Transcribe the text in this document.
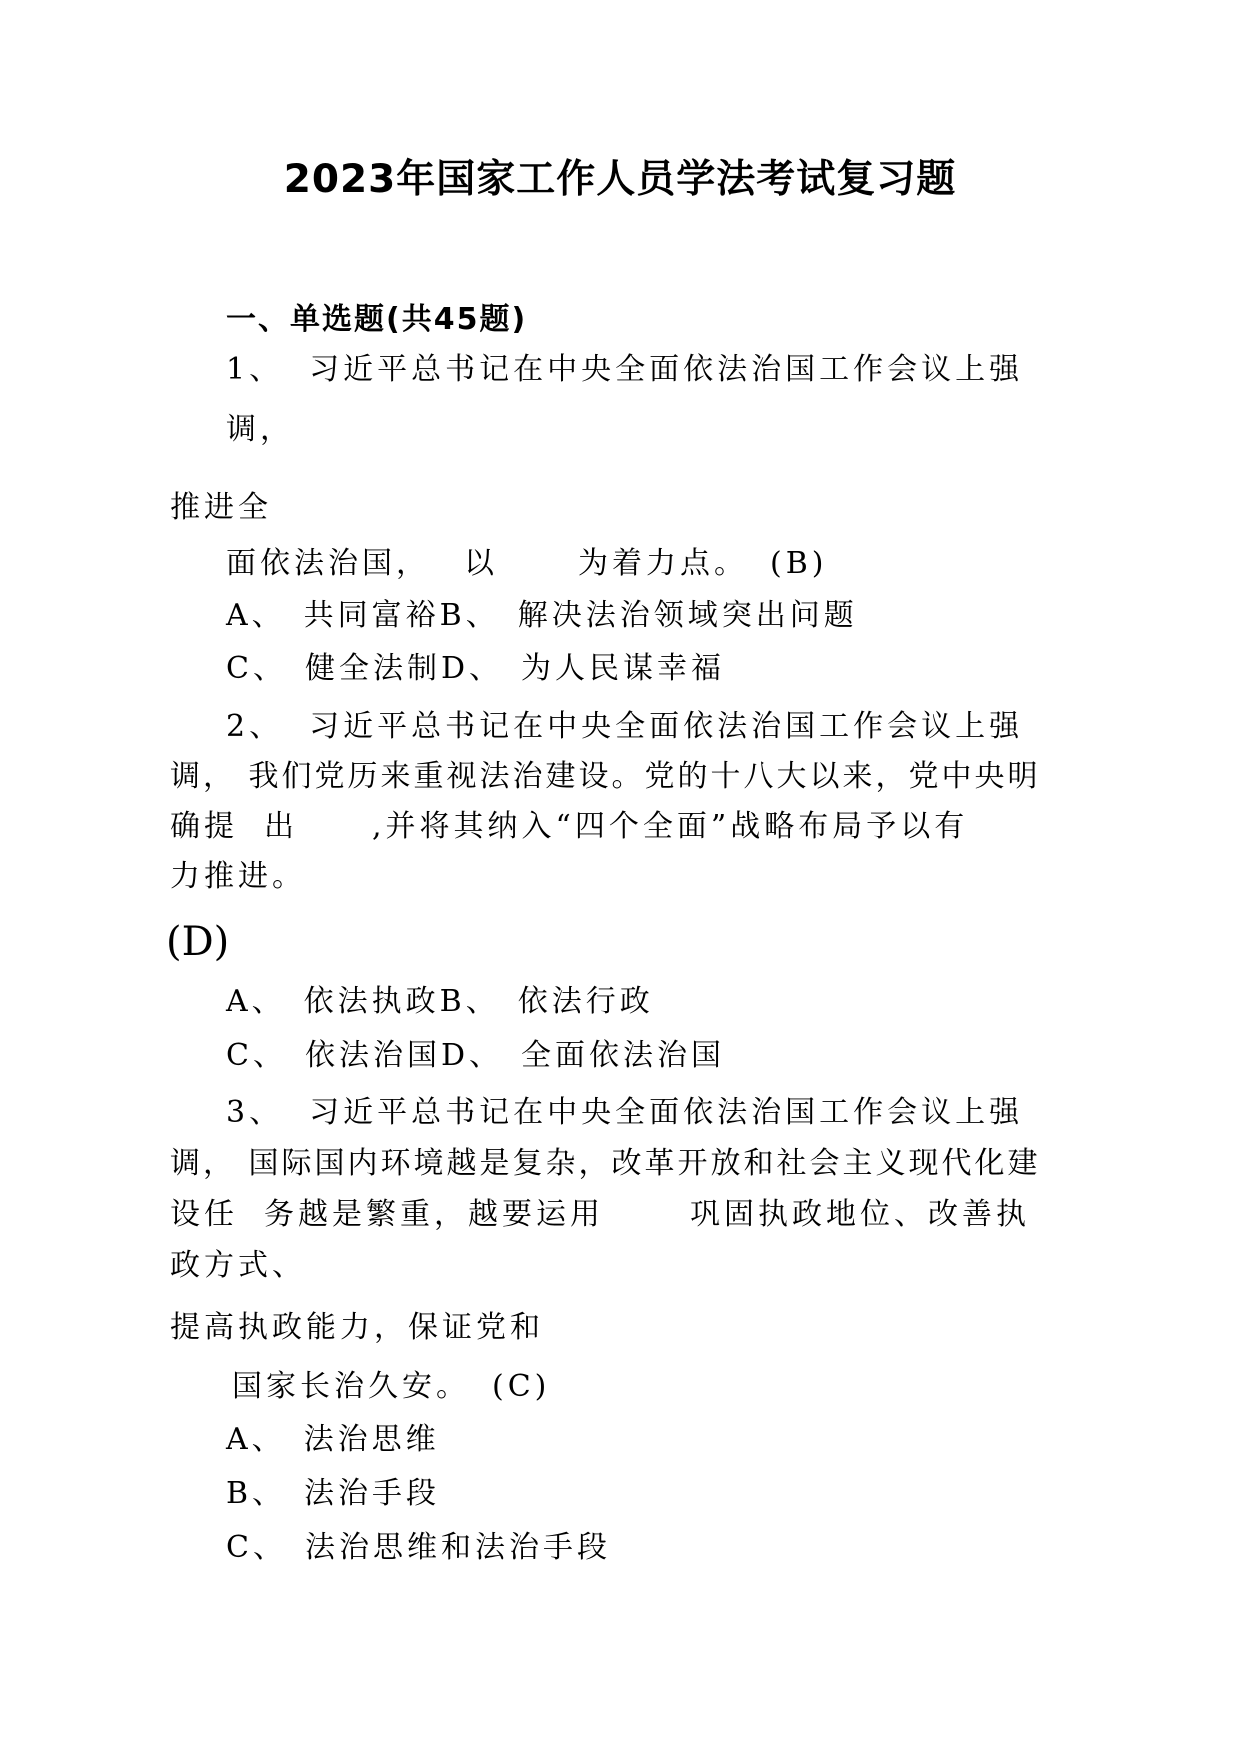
2023年国家工作人员学法考试复习题
一、单选题(共45题)
1、 习近平总书记在中央全面依法治国工作会议上强
调，
推进全
面依法治国， 以	为着力点。 (B)
A、 共同富裕B、 解决法治领域突出问题
C、 健全法制D、 为人民谋幸福
2、 习近平总书记在中央全面依法治国工作会议上强
调， 我们党历来重视法治建设。党的十八大以来，党中央明
确提 出 ,并将其纳入“四个全面”战略布局予以有
力推进。
(D)
A、 依法执政B、 依法行政
C、 依法治国D、 全面依法治国
3、 习近平总书记在中央全面依法治国工作会议上强
调， 国际国内环境越是复杂，改革开放和社会主义现代化建
设任 务越是繁重，越要运用	巩固执政地位、改善执
政方式、
提高执政能力，保证党和
国家长治久安。 (C)
A、 法治思维
B、 法治手段
C、 法治思维和法治手段
